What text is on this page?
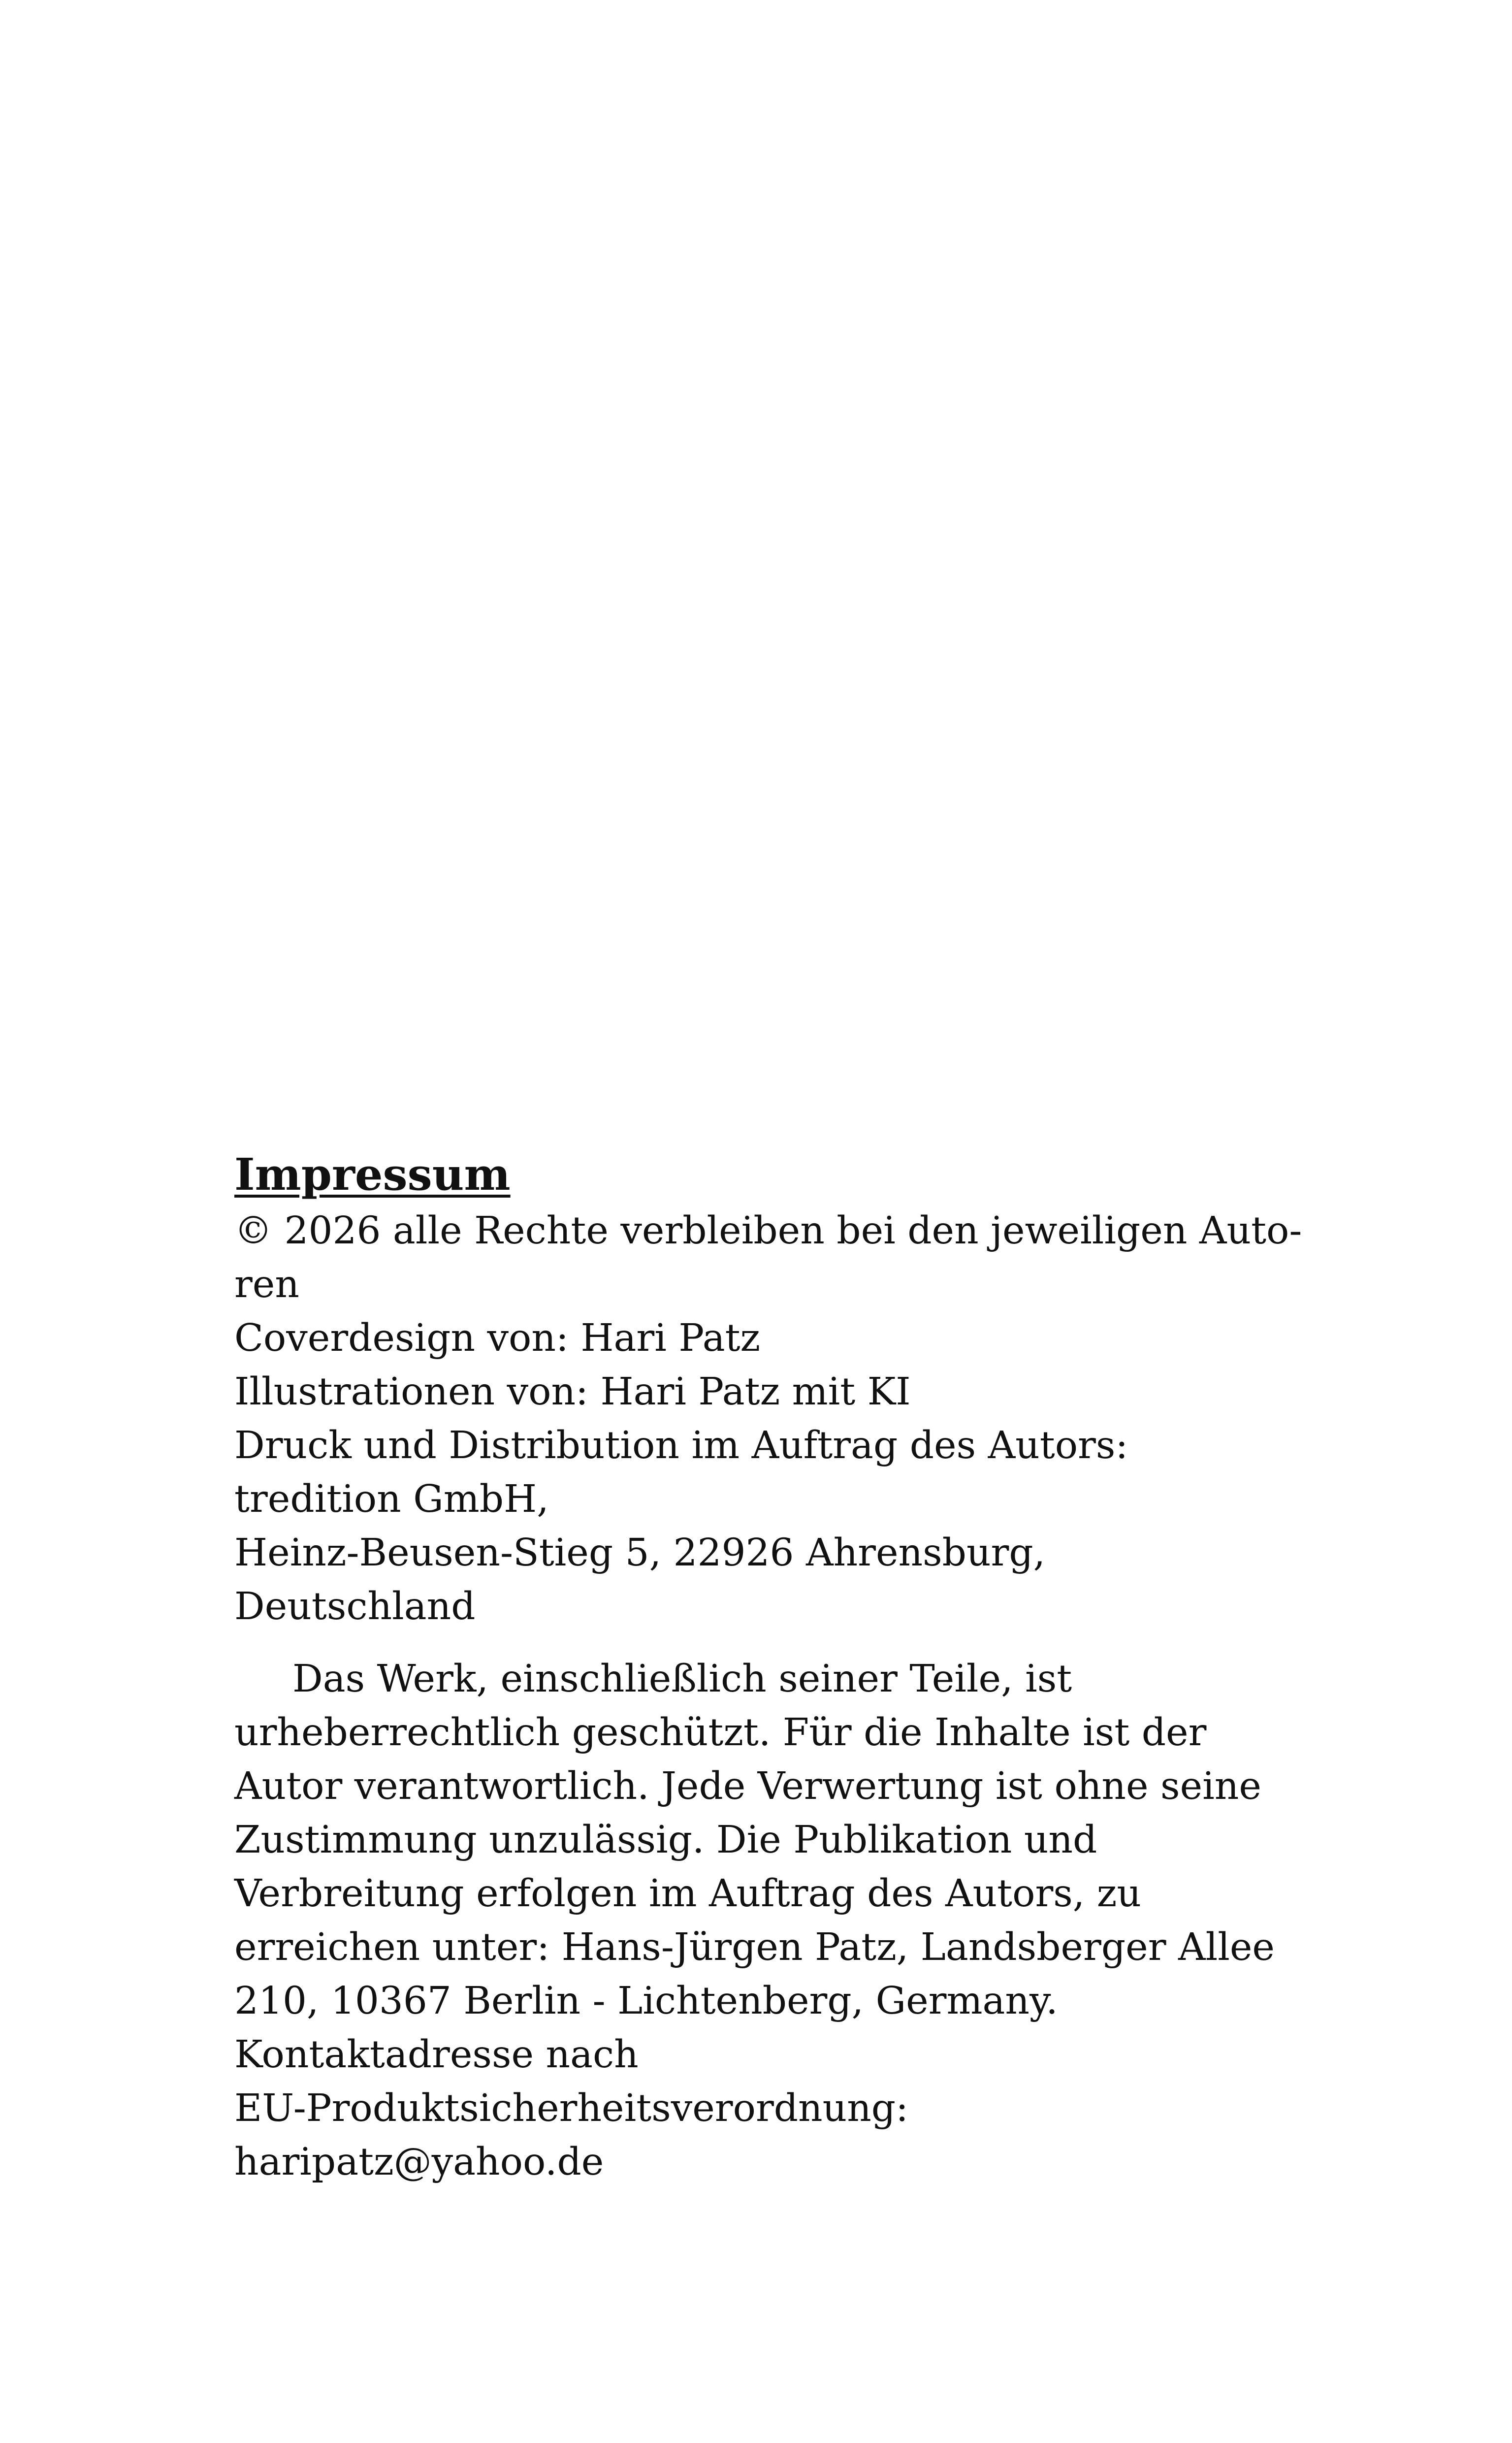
Impressum

© 2026 alle Rechte verbleiben bei den jeweiligen Auto-

ren

Coverdesign von: Hari Patz

Illustrationen von: Hari Patz mit KI

Druck und Distribution im Auftrag des Autors:

tredition GmbH,

Heinz-Beusen-Stieg 5, 22926 Ahrensburg,

Deutschland

Das Werk, einschließlich seiner Teile, ist

urheberrechtlich geschützt. Für die Inhalte ist der

Autor verantwortlich. Jede Verwertung ist ohne seine

Zustimmung unzulässig. Die Publikation und

Verbreitung erfolgen im Auftrag des Autors, zu

erreichen unter: Hans-Jürgen Patz, Landsberger Allee

210, 10367 Berlin - Lichtenberg, Germany.

Kontaktadresse nach

EU-Produktsicherheitsverordnung:

haripatz@yahoo.de
